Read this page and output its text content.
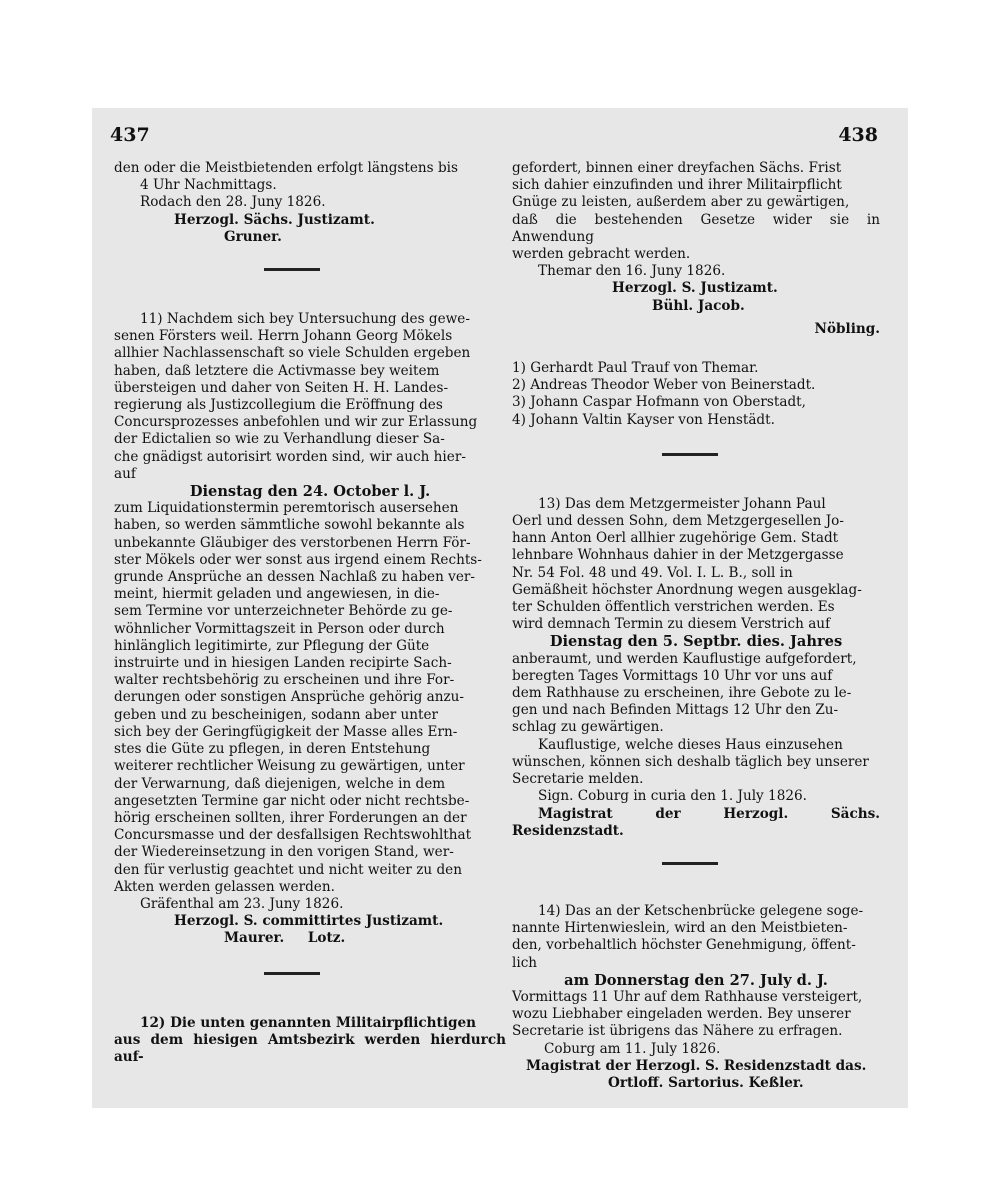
437	438

den oder die Meistbietenden erfolgt längstens bis

4 Uhr Nachmittags.

Rodach den 28. Juny 1826.

Herzogl. Sächs. Justizamt.

Gruner.

11) Nachdem sich bey Untersuchung des gewe-

senen Försters weil. Herrn Johann Georg Mökels

allhier Nachlassenschaft so viele Schulden ergeben

haben, daß letztere die Activmasse bey weitem

übersteigen und daher von Seiten H. H. Landes-

regierung als Justizcollegium die Eröffnung des

Concursprozesses anbefohlen und wir zur Erlassung

der Edictalien so wie zu Verhandlung dieser Sa-

che gnädigst autorisirt worden sind, wir auch hier-

auf

Dienstag den 24. October l. J.

zum Liquidationstermin peremtorisch ausersehen

haben, so werden sämmtliche sowohl bekannte als

unbekannte Gläubiger des verstorbenen Herrn För-

ster Mökels oder wer sonst aus irgend einem Rechts-

grunde Ansprüche an dessen Nachlaß zu haben ver-

meint, hiermit geladen und angewiesen, in die-

sem Termine vor unterzeichneter Behörde zu ge-

wöhnlicher Vormittagszeit in Person oder durch

hinlänglich legitimirte, zur Pflegung der Güte

instruirte und in hiesigen Landen recipirte Sach-

walter rechtsbehörig zu erscheinen und ihre For-

derungen oder sonstigen Ansprüche gehörig anzu-

geben und zu bescheinigen, sodann aber unter

sich bey der Geringfügigkeit der Masse alles Ern-

stes die Güte zu pflegen, in deren Entstehung

weiterer rechtlicher Weisung zu gewärtigen, unter

der Verwarnung, daß diejenigen, welche in dem

angesetzten Termine gar nicht oder nicht rechtsbe-

hörig erscheinen sollten, ihrer Forderungen an der

Concursmasse und der desfallsigen Rechtswohlthat

der Wiedereinsetzung in den vorigen Stand, wer-

den für verlustig geachtet und nicht weiter zu den

Akten werden gelassen werden.

Gräfenthal am 23. Juny 1826.

Herzogl. S. committirtes Justizamt.

Maurer.     Lotz.

12) Die unten genannten Militairpflichtigen

aus dem hiesigen Amtsbezirk werden hierdurch auf-

gefordert, binnen einer dreyfachen Sächs. Frist

sich dahier einzufinden und ihrer Militairpflicht

Gnüge zu leisten, außerdem aber zu gewärtigen,

daß die bestehenden Gesetze wider sie in Anwendung

werden gebracht werden.

Themar den 16. Juny 1826.

Herzogl. S. Justizamt.

Bühl. Jacob.

Nöbling.

1) Gerhardt Paul Trauf von Themar.

2) Andreas Theodor Weber von Beinerstadt.

3) Johann Caspar Hofmann von Oberstadt,

4) Johann Valtin Kayser von Henstädt.

13) Das dem Metzgermeister Johann Paul

Oerl und dessen Sohn, dem Metzgergesellen Jo-

hann Anton Oerl allhier zugehörige Gem. Stadt

lehnbare Wohnhaus dahier in der Metzgergasse

Nr. 54 Fol. 48 und 49. Vol. I. L. B., soll in

Gemäßheit höchster Anordnung wegen ausgeklag-

ter Schulden öffentlich verstrichen werden. Es

wird demnach Termin zu diesem Verstrich auf

Dienstag den 5. Septbr. dies. Jahres

anberaumt, und werden Kauflustige aufgefordert,

beregten Tages Vormittags 10 Uhr vor uns auf

dem Rathhause zu erscheinen, ihre Gebote zu le-

gen und nach Befinden Mittags 12 Uhr den Zu-

schlag zu gewärtigen.

Kauflustige, welche dieses Haus einzusehen

wünschen, können sich deshalb täglich bey unserer

Secretarie melden.

Sign. Coburg in curia den 1. July 1826.

Magistrat der Herzogl. Sächs. Residenzstadt.

14) Das an der Ketschenbrücke gelegene soge-

nannte Hirtenwieslein, wird an den Meistbieten-

den, vorbehaltlich höchster Genehmigung, öffent-

lich

am Donnerstag den 27. July d. J.

Vormittags 11 Uhr auf dem Rathhause versteigert,

wozu Liebhaber eingeladen werden. Bey unserer

Secretarie ist übrigens das Nähere zu erfragen.

Coburg am 11. July 1826.

Magistrat der Herzogl. S. Residenzstadt das.

Ortloff. Sartorius. Keßler.
